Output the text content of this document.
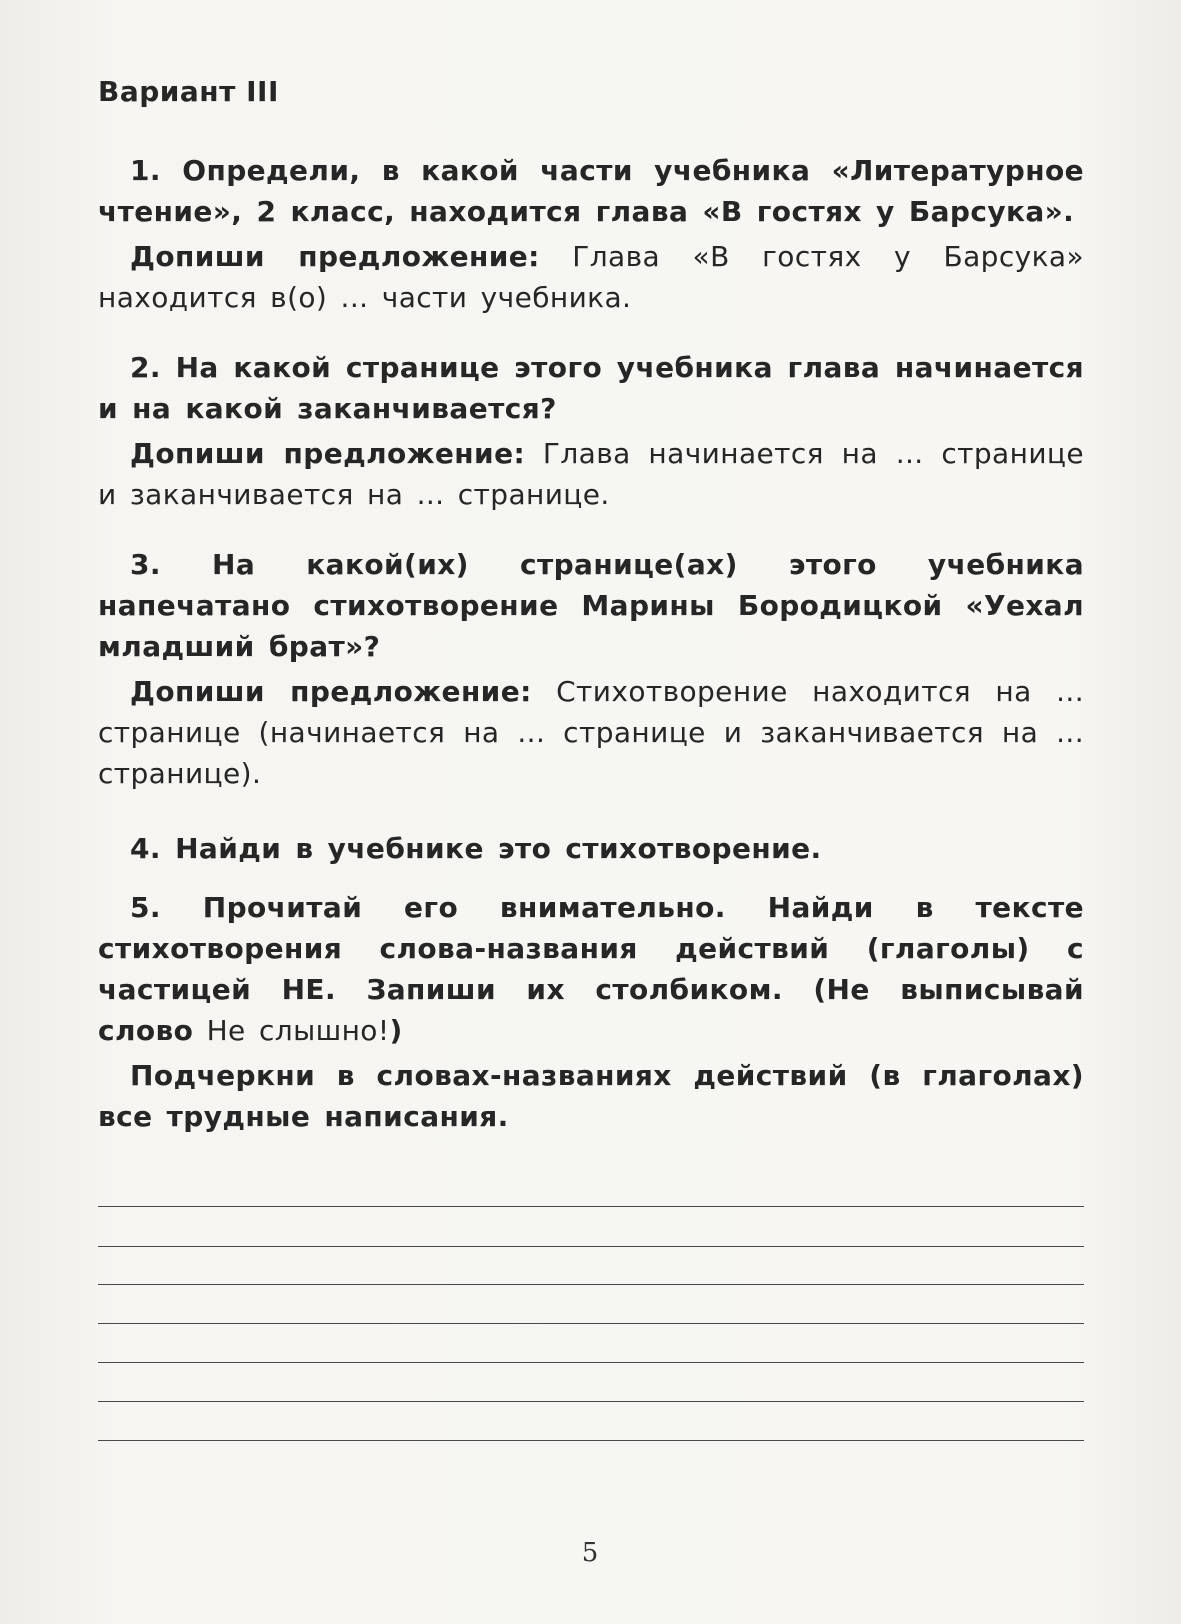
Вариант III

1. Определи, в какой части учебника «Литературное чтение», 2 класс, находится глава «В гостях у Барсука».

Допиши предложение: Глава «В гостях у Барсука» находится в(о) ... части учебника.

2. На какой странице этого учебника глава начинается и на какой заканчивается?

Допиши предложение: Глава начинается на ... странице и заканчивается на ... странице.

3. На какой(их) странице(ах) этого учебника напечатано стихотворение Марины Бородицкой «Уехал младший брат»?

Допиши предложение: Стихотворение находится на ... странице (начинается на ... странице и заканчивается на ... странице).

4. Найди в учебнике это стихотворение.

5. Прочитай его внимательно. Найди в тексте стихотворения слова-названия действий (глаголы) с частицей НЕ. Запиши их столбиком. (Не выписывай слово Не слышно!)

Подчеркни в словах-названиях действий (в глаголах) все трудные написания.

5
